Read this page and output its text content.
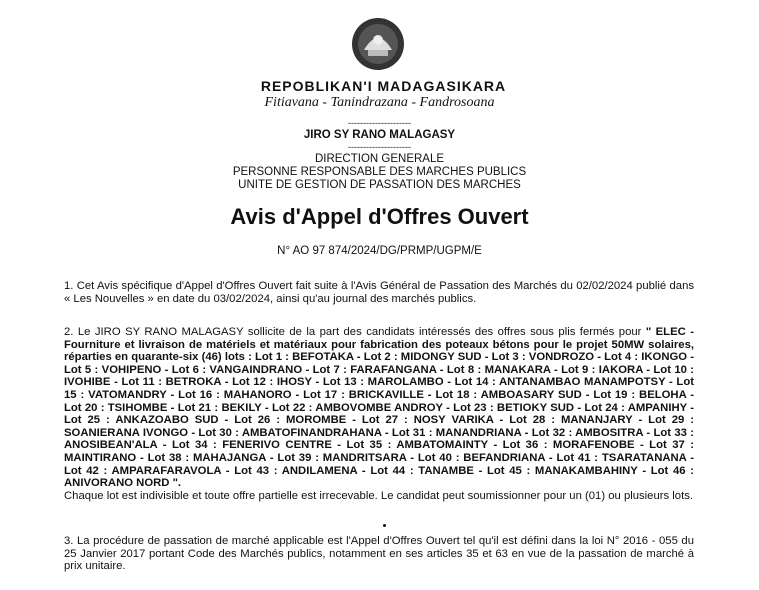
REPOBLIKAN'I MADAGASIKARA
Fitiavana - Tanindrazana - Fandrosoana
---------------------
JIRO SY RANO MALAGASY
---------------------
DIRECTION GENERALE
PERSONNE RESPONSABLE DES MARCHES PUBLICS
UNITE DE GESTION DE PASSATION DES MARCHES
Avis d'Appel d'Offres Ouvert
N° AO 97 874/2024/DG/PRMP/UGPM/E
1. Cet Avis spécifique d'Appel d'Offres Ouvert fait suite à l'Avis Général de Passation des Marchés du 02/02/2024 publié dans « Les Nouvelles » en date du 03/02/2024, ainsi qu'au journal des marchés publics.
2. Le JIRO SY RANO MALAGASY sollicite de la part des candidats intéressés des offres sous plis fermés pour " ELEC - Fourniture et livraison de matériels et matériaux pour fabrication des poteaux bétons pour le projet 50MW solaires, réparties en quarante-six (46) lots : Lot 1 : BEFOTAKA - Lot 2 : MIDONGY SUD - Lot 3 : VONDROZO - Lot 4 : IKONGO - Lot 5 : VOHIPENO - Lot 6 : VANGAINDRANO - Lot 7 : FARAFANGANA - Lot 8 : MANAKARA - Lot 9 : IAKORA - Lot 10 : IVOHIBE - Lot 11 : BETROKA - Lot 12 : IHOSY - Lot 13 : MAROLAMBO - Lot 14 : ANTANAMBAO MANAMPOTSY - Lot 15 : VATOMANDRY - Lot 16 : MAHANORO - Lot 17 : BRICKAVILLE - Lot 18 : AMBOASARY SUD - Lot 19 : BELOHA - Lot 20 : TSIHOMBE - Lot 21 : BEKILY - Lot 22 : AMBOVOMBE ANDROY - Lot 23 : BETIOKY SUD - Lot 24 : AMPANIHY - Lot 25 : ANKAZOABO SUD - Lot 26 : MOROMBE - Lot 27 : NOSY VARIKA - Lot 28 : MANANJARY - Lot 29 : SOANIERANA IVONGO - Lot 30 : AMBATOFINANDRAHANA - Lot 31 : MANANDRIANA - Lot 32 : AMBOSITRA - Lot 33 : ANOSIBEAN'ALA - Lot 34 : FENERIVO CENTRE - Lot 35 : AMBATOMAINTY - Lot 36 : MORAFENOBE - Lot 37 : MAINTIRANO - Lot 38 : MAHAJANGA - Lot 39 : MANDRITSARA - Lot 40 : BEFANDRIANA - Lot 41 : TSARATANANA - Lot 42 : AMPARAFARAVOLA - Lot 43 : ANDILAMENA - Lot 44 : TANAMBE - Lot 45 : MANAKAMBAHINY - Lot 46 : ANIVORANO NORD ".
Chaque lot est indivisible et toute offre partielle est irrecevable. Le candidat peut soumissionner pour un (01) ou plusieurs lots.
3. La procédure de passation de marché applicable est l'Appel d'Offres Ouvert tel qu'il est défini dans la loi N° 2016 - 055 du 25 Janvier 2017 portant Code des Marchés publics, notamment en ses articles 35 et 63 en vue de la passation de marché à prix unitaire.
